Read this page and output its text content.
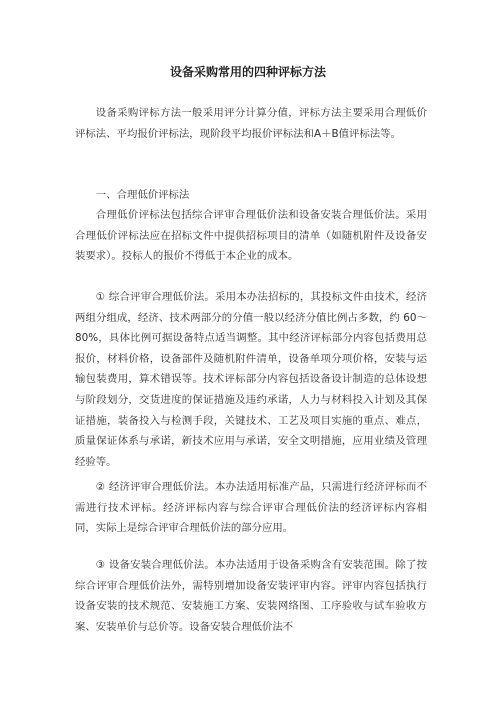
设备采购常用的四种评标方法

设备采购评标方法一般采用评分计算分值，评标方法主要采用合理低价评标法、平均报价评标法，现阶段平均报价评标法和A＋B值评标法等。

一、合理低价评标法

合理低价评标法包括综合评审合理低价法和设备安装合理低价法。采用合理低价评标法应在招标文件中提供招标项目的清单（如随机附件及设备安装要求）。投标人的报价不得低于本企业的成本。

① 综合评审合理低价法。采用本办法招标的，其投标文件由技术，经济两组分组成，经济、技术两部分的分值一般以经济分值比例占多数，约 60～80%，具体比例可据设备特点适当调整。其中经济评标部分内容包括费用总报价，材料价格，设备部件及随机附件清单，设备单项分项价格，安装与运输包装费用，算术错误等。技术评标部分内容包括设备设计制造的总体设想与阶段划分，交货进度的保证措施及违约承诺，人力与材料投入计划及其保证措施，装备投入与检测手段，关键技术、工艺及项目实施的重点、难点，质量保证体系与承诺，新技术应用与承诺，安全文明措施，应用业绩及管理经验等。

② 经济评审合理低价法。本办法适用标准产品，只需进行经济评标而不需进行技术评标。经济评标内容与综合评审合理低价法的经济评标内容相同，实际上是综合评审合理低价法的部分应用。

③ 设备安装合理低价法。本办法适用于设备采购含有安装范围。除了按综合评审合理低价法外，需特别增加设备安装评审内容。评审内容包括执行设备安装的技术规范、安装施工方案、安装网络图、工序验收与试车验收方案、安装单价与总价等。设备安装合理低价法不
